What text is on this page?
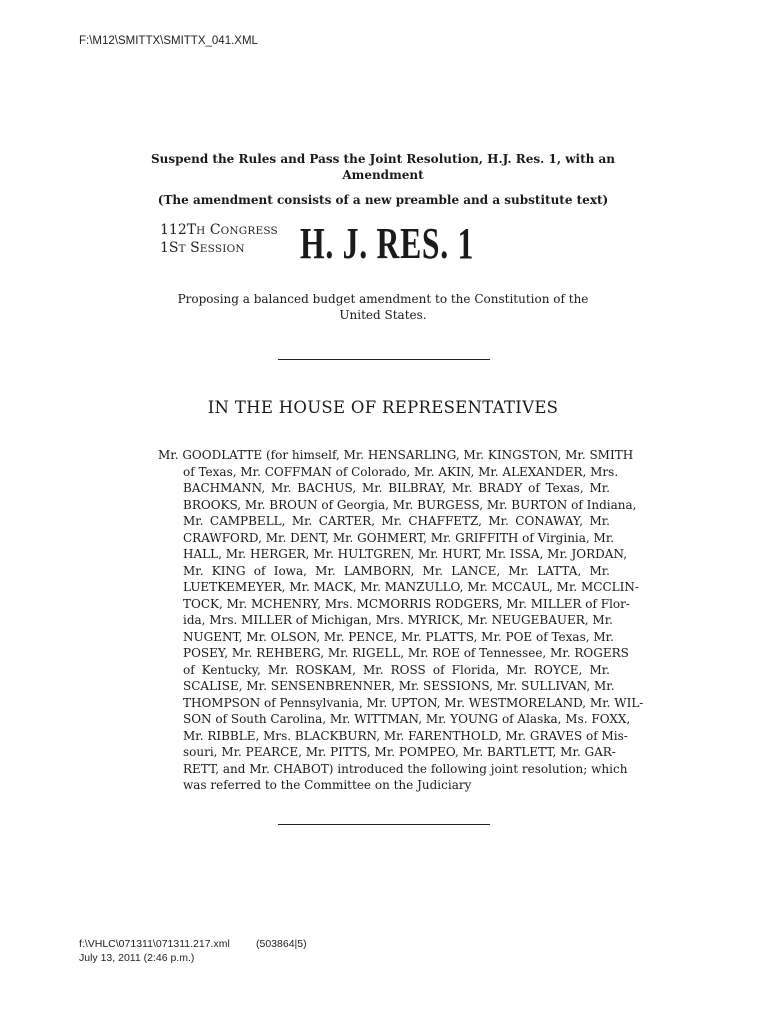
F:\M12\SMITTX\SMITTX_041.XML
Suspend the Rules and Pass the Joint Resolution, H.J. Res. 1, with an Amendment
(The amendment consists of a new preamble and a substitute text)
112TH CONGRESS
1ST SESSION	H. J. RES. 1
Proposing a balanced budget amendment to the Constitution of the United States.
IN THE HOUSE OF REPRESENTATIVES
Mr. GOODLATTE (for himself, Mr. HENSARLING, Mr. KINGSTON, Mr. SMITH
of Texas, Mr. COFFMAN of Colorado, Mr. AKIN, Mr. ALEXANDER, Mrs.
BACHMANN, Mr. BACHUS, Mr. BILBRAY, Mr. BRADY of Texas, Mr.
BROOKS, Mr. BROUN of Georgia, Mr. BURGESS, Mr. BURTON of Indiana,
Mr. CAMPBELL, Mr. CARTER, Mr. CHAFFETZ, Mr. CONAWAY, Mr.
CRAWFORD, Mr. DENT, Mr. GOHMERT, Mr. GRIFFITH of Virginia, Mr.
HALL, Mr. HERGER, Mr. HULTGREN, Mr. HURT, Mr. ISSA, Mr. JORDAN,
Mr. KING of Iowa, Mr. LAMBORN, Mr. LANCE, Mr. LATTA, Mr.
LUETKEMEYER, Mr. MACK, Mr. MANZULLO, Mr. MCCAUL, Mr. MCCLIN-
TOCK, Mr. MCHENRY, Mrs. MCMORRIS RODGERS, Mr. MILLER of Flor-
ida, Mrs. MILLER of Michigan, Mrs. MYRICK, Mr. NEUGEBAUER, Mr.
NUGENT, Mr. OLSON, Mr. PENCE, Mr. PLATTS, Mr. POE of Texas, Mr.
POSEY, Mr. REHBERG, Mr. RIGELL, Mr. ROE of Tennessee, Mr. ROGERS
of Kentucky, Mr. ROSKAM, Mr. ROSS of Florida, Mr. ROYCE, Mr.
SCALISE, Mr. SENSENBRENNER, Mr. SESSIONS, Mr. SULLIVAN, Mr.
THOMPSON of Pennsylvania, Mr. UPTON, Mr. WESTMORELAND, Mr. WIL-
SON of South Carolina, Mr. WITTMAN, Mr. YOUNG of Alaska, Ms. FOXX,
Mr. RIBBLE, Mrs. BLACKBURN, Mr. FARENTHOLD, Mr. GRAVES of Mis-
souri, Mr. PEARCE, Mr. PITTS, Mr. POMPEO, Mr. BARTLETT, Mr. GAR-
RETT, and Mr. CHABOT) introduced the following joint resolution; which
was referred to the Committee on the Judiciary
f:\VHLC\071311\071311.217.xml (503864|5)
July 13, 2011 (2:46 p.m.)
